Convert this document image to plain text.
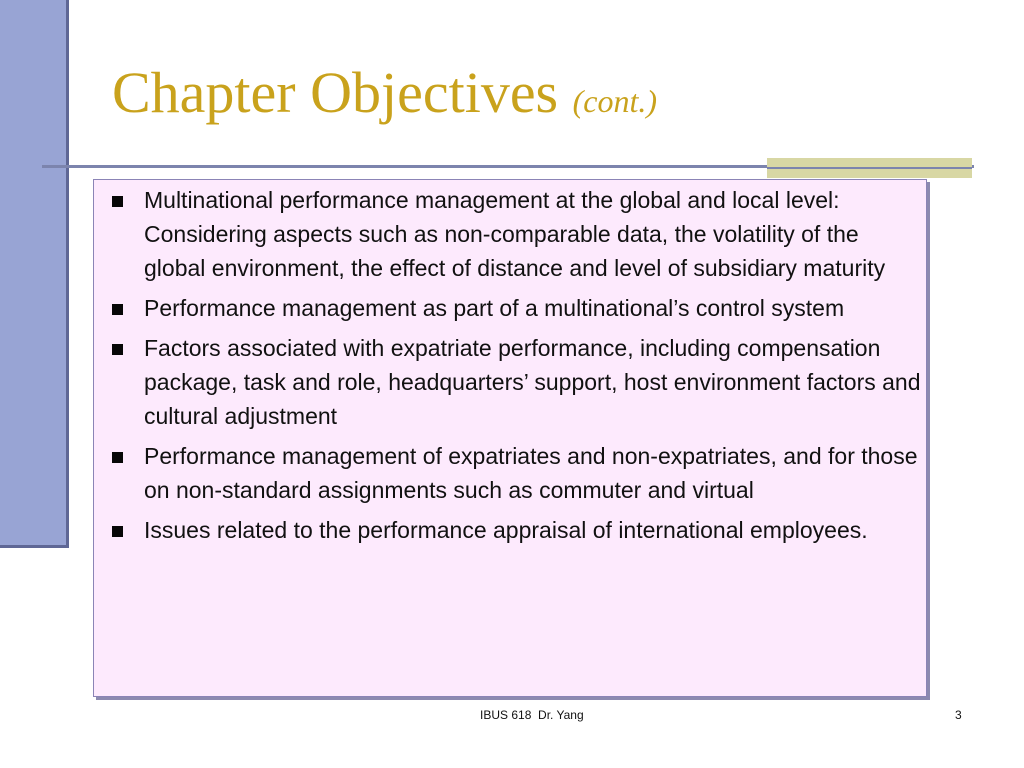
Chapter Objectives (cont.)
Multinational performance management at the global and local level: Considering aspects such as non-comparable data, the volatility of the global environment, the effect of distance and level of subsidiary maturity
Performance management as part of a multinational’s control system
Factors associated with expatriate performance, including compensation package, task and role, headquarters’ support, host environment factors and cultural adjustment
Performance management of expatriates and non-expatriates, and for those on non-standard assignments such as commuter and virtual
Issues related to the performance appraisal of international employees.
IBUS 618  Dr. Yang	3
